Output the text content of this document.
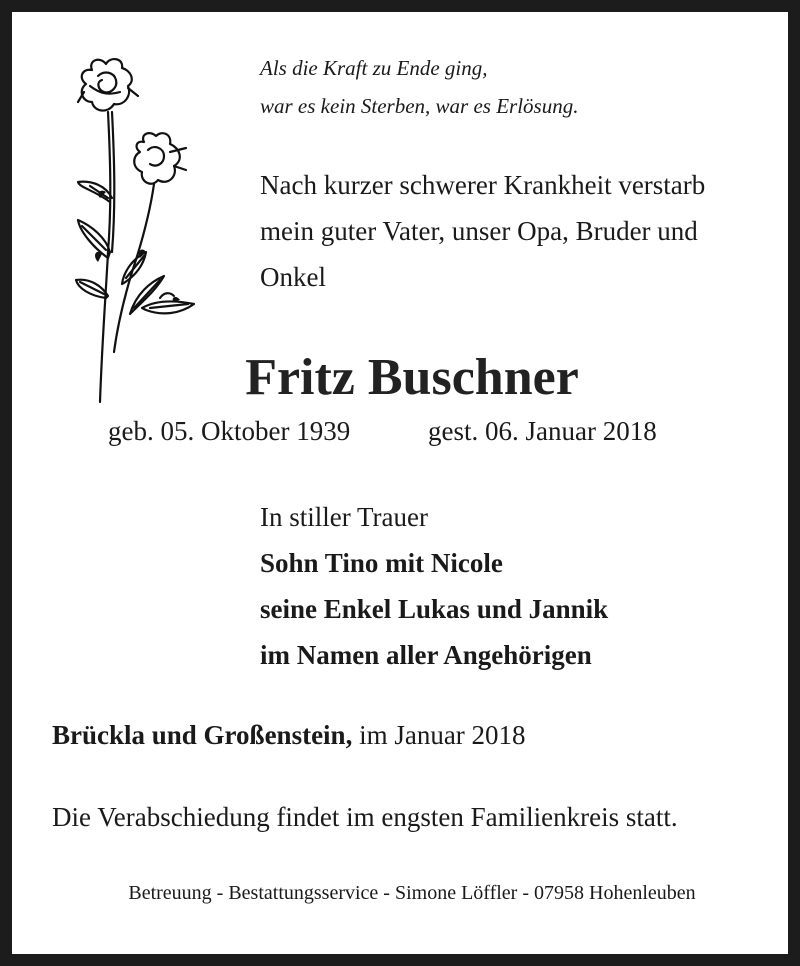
Als die Kraft zu Ende ging,
war es kein Sterben, war es Erlösung.
Nach kurzer schwerer Krankheit verstarb
mein guter Vater, unser Opa, Bruder und
Onkel
Fritz Buschner
geb. 05. Oktober 1939	gest. 06. Januar 2018
In stiller Trauer
Sohn Tino mit Nicole
seine Enkel Lukas und Jannik
im Namen aller Angehörigen
Brückla und Großenstein, im Januar 2018
Die Verabschiedung findet im engsten Familienkreis statt.
Betreuung - Bestattungsservice - Simone Löffler - 07958 Hohenleuben
